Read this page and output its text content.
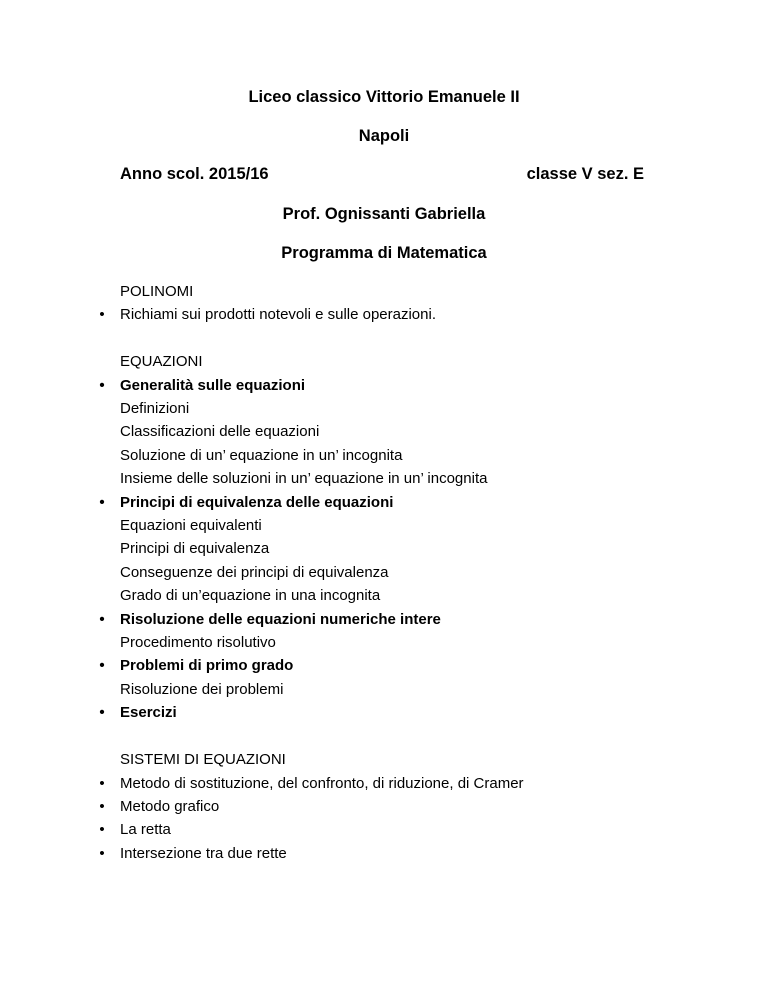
Liceo classico Vittorio Emanuele II
Napoli
Anno scol. 2015/16	classe V sez. E
Prof. Ognissanti Gabriella
Programma di Matematica
POLINOMI
• Richiami sui prodotti notevoli e sulle operazioni.
EQUAZIONI
• Generalità sulle equazioni
Definizioni
Classificazioni delle equazioni
Soluzione di un’ equazione in un’ incognita
Insieme delle soluzioni in un’ equazione in un’ incognita
• Principi di equivalenza delle equazioni
Equazioni equivalenti
Principi di equivalenza
Conseguenze dei principi di equivalenza
Grado di un’equazione in una incognita
• Risoluzione delle equazioni numeriche intere
Procedimento risolutivo
• Problemi di primo grado
Risoluzione dei problemi
• Esercizi
SISTEMI DI EQUAZIONI
• Metodo di sostituzione, del confronto, di riduzione, di Cramer
• Metodo grafico
• La retta
• Intersezione tra due rette
